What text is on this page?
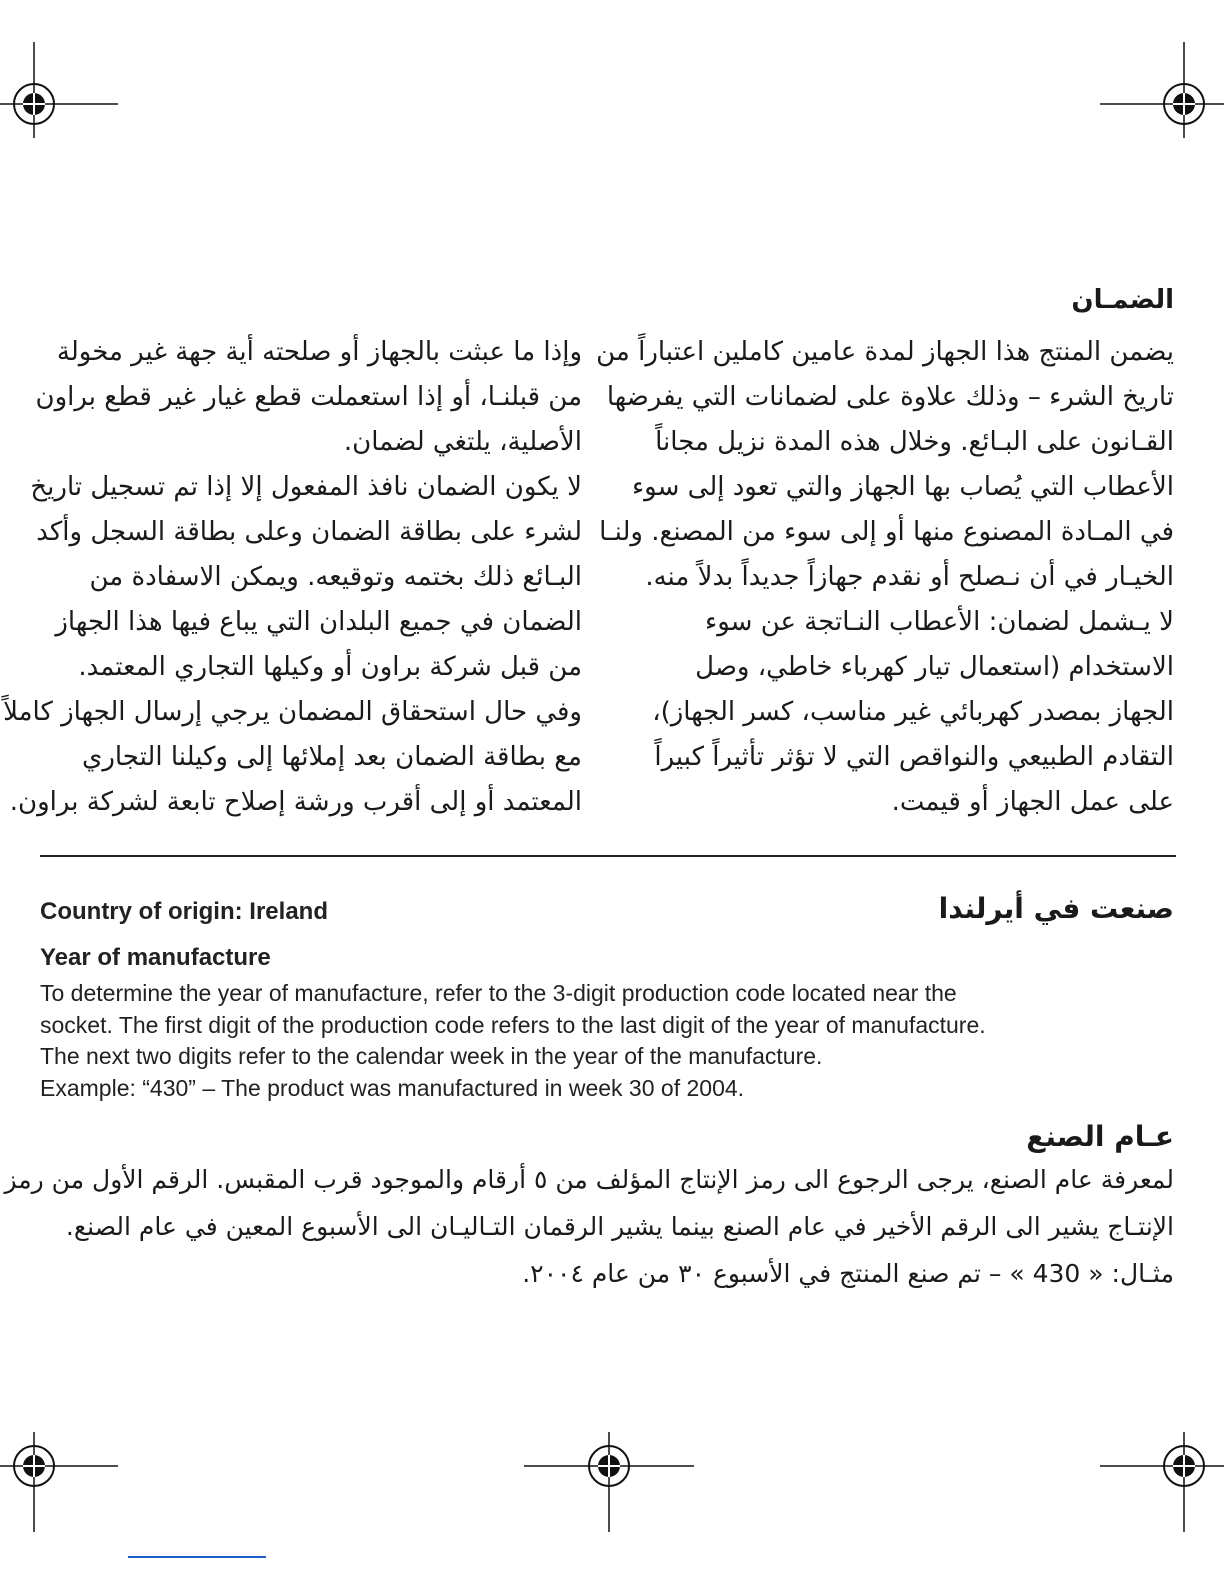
الضمـان
يضمن المنتج هذا الجهاز لمدة عامين كاملين اعتباراً من
تاريخ الشرء – وذلك علاوة على لضمانات التي يفرضها
القـانون على البـائع. وخلال هذه المدة نزيل مجاناً
الأعطاب التي يُصاب بها الجهاز والتي تعود إلى سوء
في المـادة المصنوع منها أو إلى سوء من المصنع. ولنـا
الخيـار في أن نـصلح أو نقدم جهازاً جديداً بدلاً منه.
لا يـشمل لضمان: الأعطاب النـاتجة عن سوء
الاستخدام (استعمال تيار كهرباء خاطي، وصل
الجهاز بمصدر كهربائي غير مناسب، كسر الجهاز)،
التقادم الطبيعي والنواقص التي لا تؤثر تأثيراً كبيراً
على عمل الجهاز أو قيمت.
وإذا ما عبثت بالجهاز أو صلحته أية جهة غير مخولة
من قبلنـا، أو إذا استعملت قطع غيار غير قطع براون
الأصلية، يلتغي لضمان.
لا يكون الضمان نافذ المفعول إلا إذا تم تسجيل تاريخ
لشرء على بطاقة الضمان وعلى بطاقة السجل وأكد
البـائع ذلك بختمه وتوقيعه. ويمكن الاسفادة من
الضمان في جميع البلدان التي يباع فيها هذا الجهاز
من قبل شركة براون أو وكيلها التجاري المعتمد.
وفي حال استحقاق المضمان يرجي إرسال الجهاز كاملاً
مع بطاقة الضمان بعد إملائها إلى وكيلنا التجاري
المعتمد أو إلى أقرب ورشة إصلاح تابعة لشركة براون.
Country of origin: Ireland	صنعت في أيرلندا
Year of manufacture
To determine the year of manufacture, refer to the 3-digit production code located near the
socket. The first digit of the production code refers to the last digit of the year of manufacture.
The next two digits refer to the calendar week in the year of the manufacture.
Example: “430” – The product was manufactured in week 30 of 2004.
عـام الصنع
لمعرفة عام الصنع، يرجى الرجوع الى رمز الإنتاج المؤلف من ٥ أرقام والموجود قرب المقبس. الرقم الأول من رمز
الإنتـاج يشير الى الرقم الأخير في عام الصنع بينما يشير الرقمان التـاليـان الى الأسبوع المعين في عام الصنع.
مثـال: « 430 » – تم صنع المنتج في الأسبوع ٣٠ من عام ٢٠٠٤.
